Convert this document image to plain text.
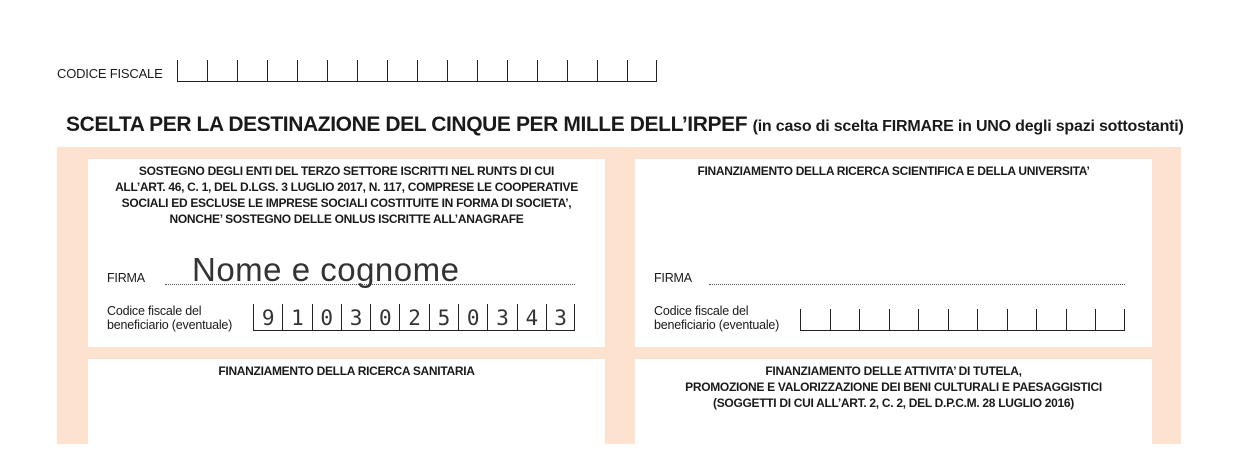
CODICE FISCALE
SCELTA PER LA DESTINAZIONE DEL CINQUE PER MILLE DELL’IRPEF (in caso di scelta FIRMARE in UNO degli spazi sottostanti)
SOSTEGNO DEGLI ENTI DEL TERZO SETTORE ISCRITTI NEL RUNTS DI CUI
ALL’ART. 46, C. 1, DEL D.LGS. 3 LUGLIO 2017, N. 117, COMPRESE LE COOPERATIVE
SOCIALI ED ESCLUSE LE IMPRESE SOCIALI COSTITUITE IN FORMA DI SOCIETA’,
NONCHE’ SOSTEGNO DELLE ONLUS ISCRITTE ALL’ANAGRAFE
FIRMA Nome e cognome
Codice fiscale del
beneficiario (eventuale)	9 1 0 3 0 2 5 0 3 4 3
FINANZIAMENTO DELLA RICERCA SCIENTIFICA E DELLA UNIVERSITA’
FIRMA
Codice fiscale del
beneficiario (eventuale)
FINANZIAMENTO DELLA RICERCA SANITARIA	FINANZIAMENTO DELLE ATTIVITA’ DI TUTELA,
PROMOZIONE E VALORIZZAZIONE DEI BENI CULTURALI E PAESAGGISTICI
(SOGGETTI DI CUI ALL’ART. 2, C. 2, DEL D.P.C.M. 28 LUGLIO 2016)
